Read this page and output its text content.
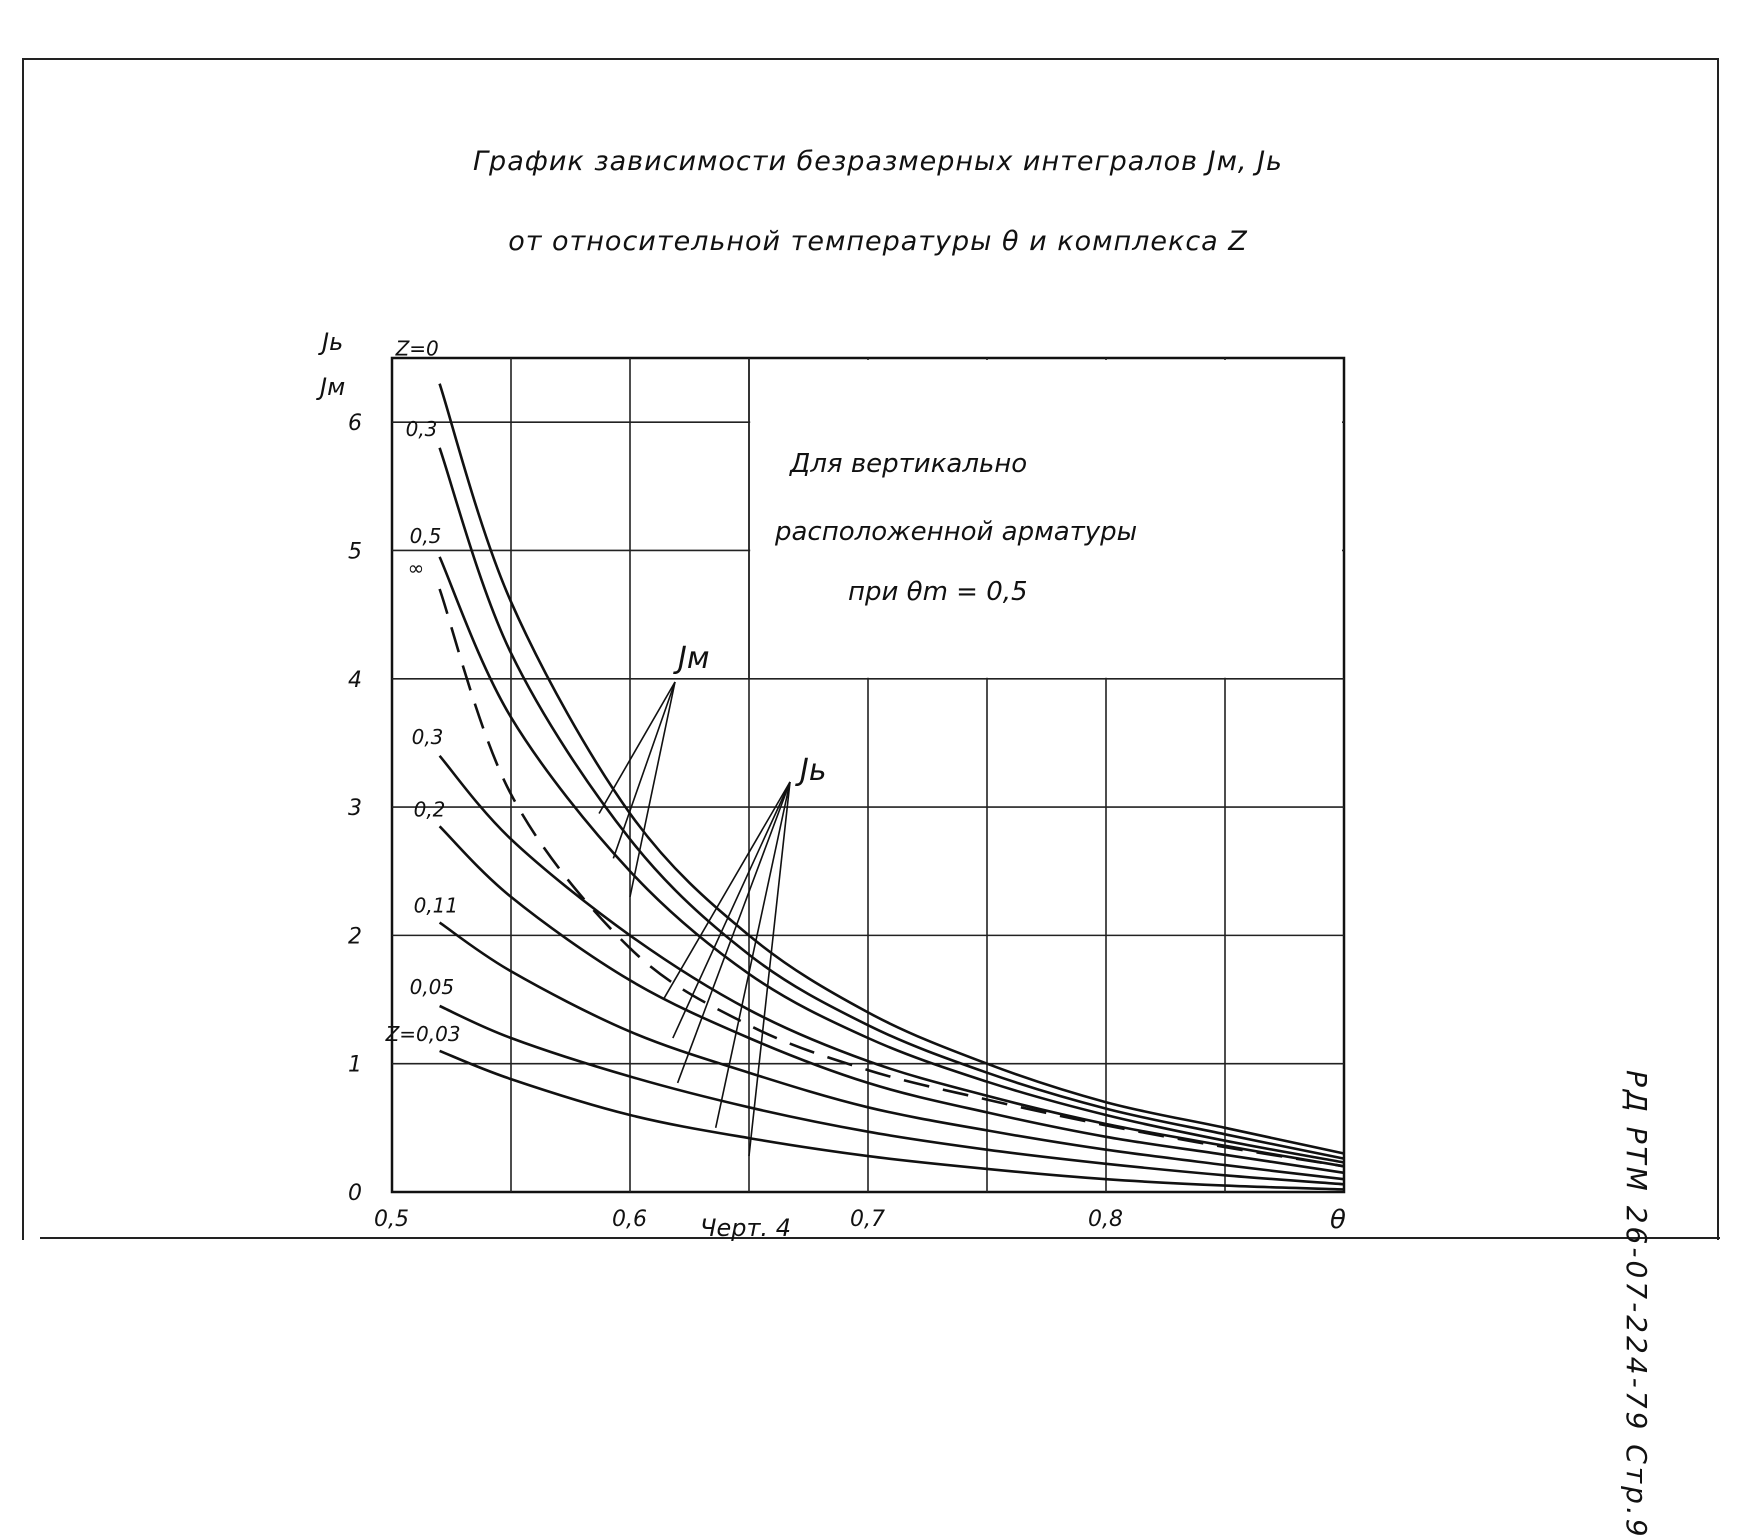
График зависимости безразмерных интегралов Jм, Jь
от относительной температуры θ и комплекса Z
РД РТМ 26-07-224-79 Стр.9
Черт. 4
0,5	0,6	0,7	0,8
0
1
2
3
4
5
6
Z=0
0,3
0,5
∞
0,3
0,2
0,11
0,05
Z=0,03
Для вертикально
расположенной арматуры
при θm = 0,5
Jь
Jм
θ
Jм
Jь
